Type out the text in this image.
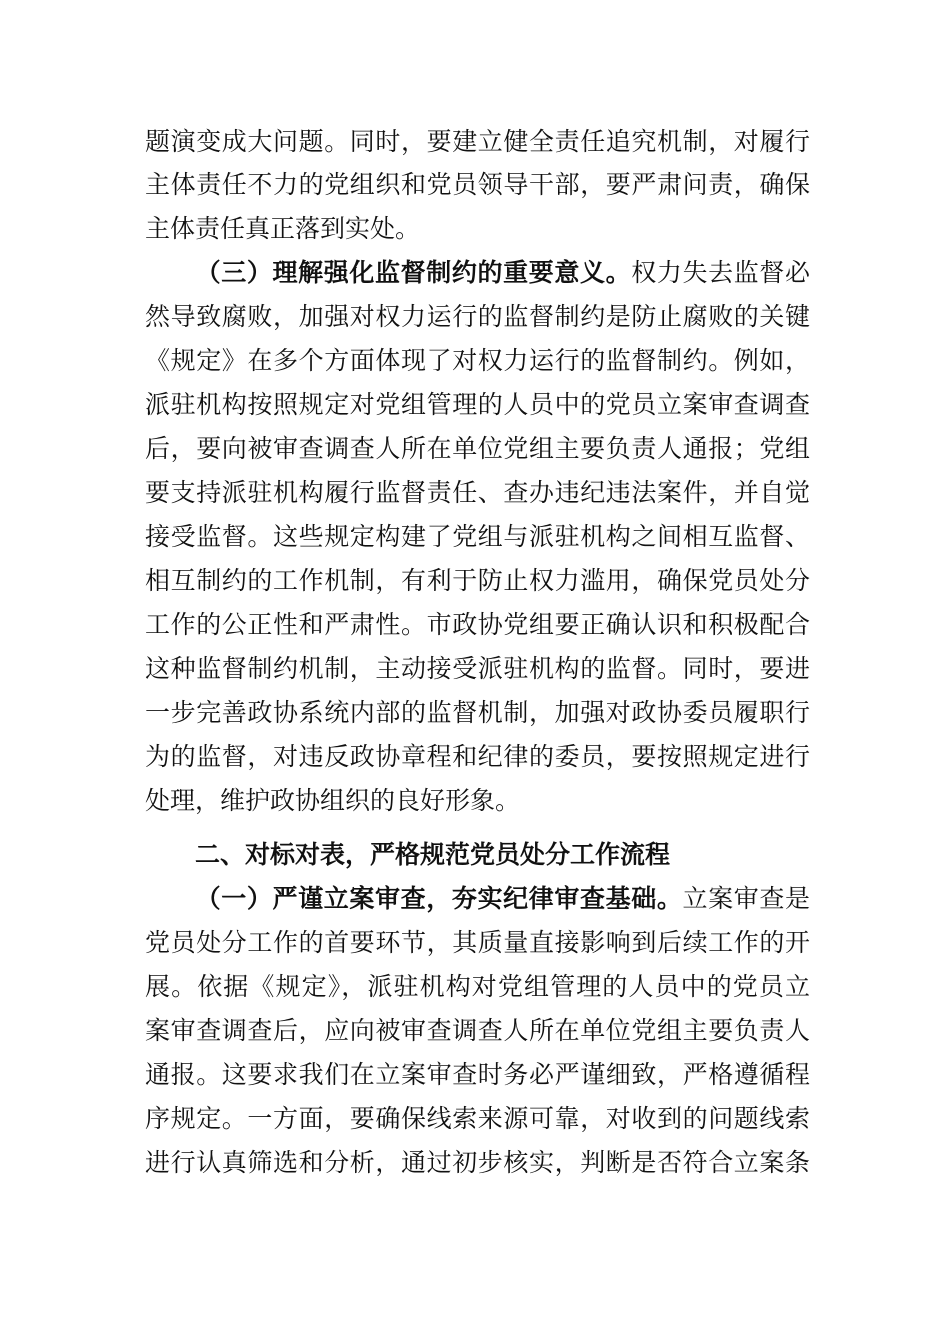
题演变成大问题。同时，要建立健全责任追究机制，对履行
主体责任不力的党组织和党员领导干部，要严肃问责，确保
主体责任真正落到实处。
（三）理解强化监督制约的重要意义。权力失去监督必
然导致腐败，加强对权力运行的监督制约是防止腐败的关键
《规定》在多个方面体现了对权力运行的监督制约。例如，
派驻机构按照规定对党组管理的人员中的党员立案审查调查
后，要向被审查调查人所在单位党组主要负责人通报；党组
要支持派驻机构履行监督责任、查办违纪违法案件，并自觉
接受监督。这些规定构建了党组与派驻机构之间相互监督、
相互制约的工作机制，有利于防止权力滥用，确保党员处分
工作的公正性和严肃性。市政协党组要正确认识和积极配合
这种监督制约机制，主动接受派驻机构的监督。同时，要进
一步完善政协系统内部的监督机制，加强对政协委员履职行
为的监督，对违反政协章程和纪律的委员，要按照规定进行
处理，维护政协组织的良好形象。
二、对标对表，严格规范党员处分工作流程
（一）严谨立案审查，夯实纪律审查基础。立案审查是
党员处分工作的首要环节，其质量直接影响到后续工作的开
展。依据《规定》，派驻机构对党组管理的人员中的党员立
案审查调查后，应向被审查调查人所在单位党组主要负责人
通报。这要求我们在立案审查时务必严谨细致，严格遵循程
序规定。一方面，要确保线索来源可靠，对收到的问题线索
进行认真筛选和分析，通过初步核实，判断是否符合立案条
